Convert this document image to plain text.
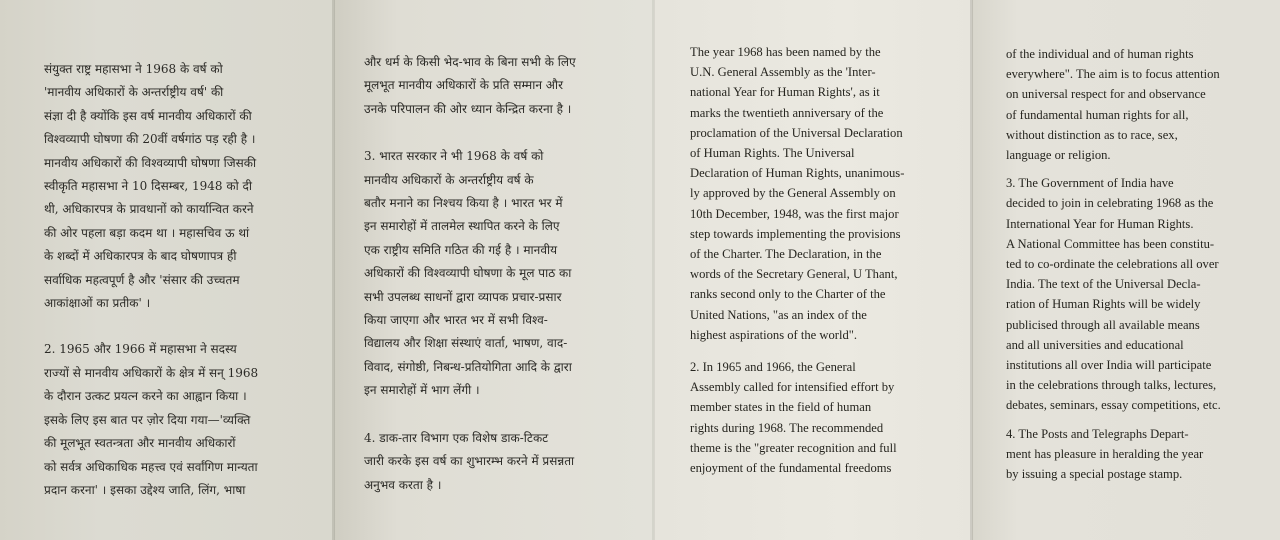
संयुक्त राष्ट्र महासभा ने 1968 के वर्ष को
'मानवीय अधिकारों के अन्तर्राष्ट्रीय वर्ष' की
संज्ञा दी है क्योंकि इस वर्ष मानवीय अधिकारों की
विश्वव्यापी घोषणा की 20वीं वर्षगांठ पड़ रही है ।
मानवीय अधिकारों की विश्वव्यापी घोषणा जिसकी
स्वीकृति महासभा ने 10 दिसम्बर, 1948 को दी
थी, अधिकारपत्र के प्रावधानों को कार्यान्वित करने
की ओर पहला बड़ा कदम था । महासचिव ऊ थां
के शब्दों में अधिकारपत्र के बाद घोषणापत्र ही
सर्वाधिक महत्वपूर्ण है और 'संसार की उच्चतम
आकांक्षाओं का प्रतीक' ।

2. 1965 और 1966 में महासभा ने सदस्य
राज्यों से मानवीय अधिकारों के क्षेत्र में सन् 1968
के दौरान उत्कट प्रयत्न करने का आह्वान किया ।
इसके लिए इस बात पर ज़ोर दिया गया—'व्यक्ति
की मूलभूत स्वतन्त्रता और मानवीय अधिकारों
को सर्वत्र अधिकाधिक महत्त्व एवं सर्वांगिण मान्यता
प्रदान करना' । इसका उद्देश्य जाति, लिंग, भाषा

और धर्म के किसी भेद-भाव के बिना सभी के लिए
मूलभूत मानवीय अधिकारों के प्रति सम्मान और
उनके परिपालन की ओर ध्यान केन्द्रित करना है ।

3. भारत सरकार ने भी 1968 के वर्ष को
मानवीय अधिकारों के अन्तर्राष्ट्रीय वर्ष के
बतौर मनाने का निश्चय किया है । भारत भर में
इन समारोहों में तालमेल स्थापित करने के लिए
एक राष्ट्रीय समिति गठित की गई है । मानवीय
अधिकारों की विश्वव्यापी घोषणा के मूल पाठ का
सभी उपलब्ध साधनों द्वारा व्यापक प्रचार-प्रसार
किया जाएगा और भारत भर में सभी विश्व-
विद्यालय और शिक्षा संस्थाएं वार्ता, भाषण, वाद-
विवाद, संगोष्ठी, निबन्ध-प्रतियोगिता आदि के द्वारा
इन समारोहों में भाग लेंगी ।

4. डाक-तार विभाग एक विशेष डाक-टिकट
जारी करके इस वर्ष का शुभारम्भ करने में प्रसन्नता
अनुभव करता है ।

The year 1968 has been named by the
U.N. General Assembly as the 'Inter-
national Year for Human Rights', as it
marks the twentieth anniversary of the
proclamation of the Universal Declaration
of Human Rights. The Universal
Declaration of Human Rights, unanimous-
ly approved by the General Assembly on
10th December, 1948, was the first major
step towards implementing the provisions
of the Charter. The Declaration, in the
words of the Secretary General, U Thant,
ranks second only to the Charter of the
United Nations, "as an index of the
highest aspirations of the world".

2. In 1965 and 1966, the General
Assembly called for intensified effort by
member states in the field of human
rights during 1968. The recommended
theme is the "greater recognition and full
enjoyment of the fundamental freedoms

of the individual and of human rights
everywhere". The aim is to focus attention
on universal respect for and observance
of fundamental human rights for all,
without distinction as to race, sex,
language or religion.

3. The Government of India have
decided to join in celebrating 1968 as the
International Year for Human Rights.
A National Committee has been constitu-
ted to co-ordinate the celebrations all over
India. The text of the Universal Decla-
ration of Human Rights will be widely
publicised through all available means
and all universities and educational
institutions all over India will participate
in the celebrations through talks, lectures,
debates, seminars, essay competitions, etc.

4. The Posts and Telegraphs Depart-
ment has pleasure in heralding the year
by issuing a special postage stamp.
